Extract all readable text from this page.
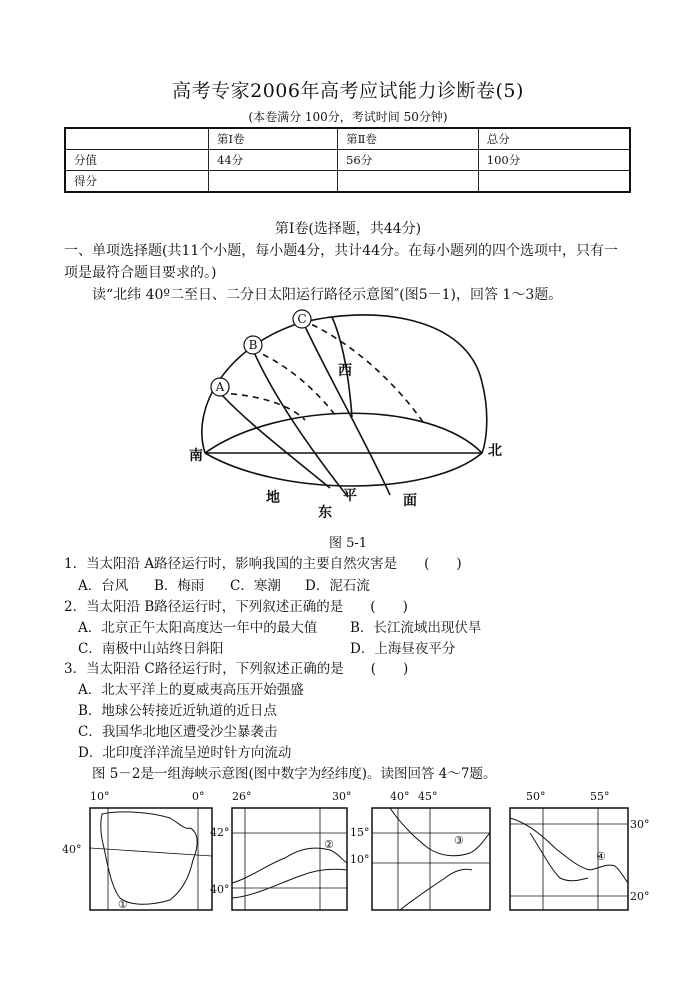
高考专家2006年高考应试能力诊断卷(5)
(本卷满分 100分，考试时间 50分钟)
	第Ⅰ卷	第Ⅱ卷	总分
分值	44分	56分	100分
得分			
第Ⅰ卷(选择题，共44分)
一、单项选择题(共11个小题，每小题4分，共计44分。在每小题列的四个选项中，只有一
项是最符合题目要求的。)
读“北纬 40º二至日、二分日太阳运行路径示意图″(图5－1)，回答 1～3题。
A
B
C
南	北
西
东
地	平	面
图 5-1
1．当太阳沿 A路径运行时，影响我国的主要自然灾害是　　(　　)
A．台风 B．梅雨 C．寒潮 D．泥石流
2．当太阳沿 B路径运行时，下列叙述正确的是　　(　　)
A．北京正午太阳高度达一年中的最大值 B．长江流域出现伏旱
C．南极中山站终日斜阳	D．上海昼夜平分
3．当太阳沿 C路径运行时，下列叙述正确的是　　(　　)
A．北太平洋上的夏威夷高压开始强盛
B．地球公转接近近轨道的近日点
C．我国华北地区遭受沙尘暴袭击
D．北印度洋洋流呈逆时针方向流动
图 5－2是一组海峡示意图(图中数字为经纬度)。读图回答 4～7题。
10°	0°
40°
①
26°	30°
42°
40°
15°
10°
②
40° 45°
③
50°	55°
30°
20°
④
